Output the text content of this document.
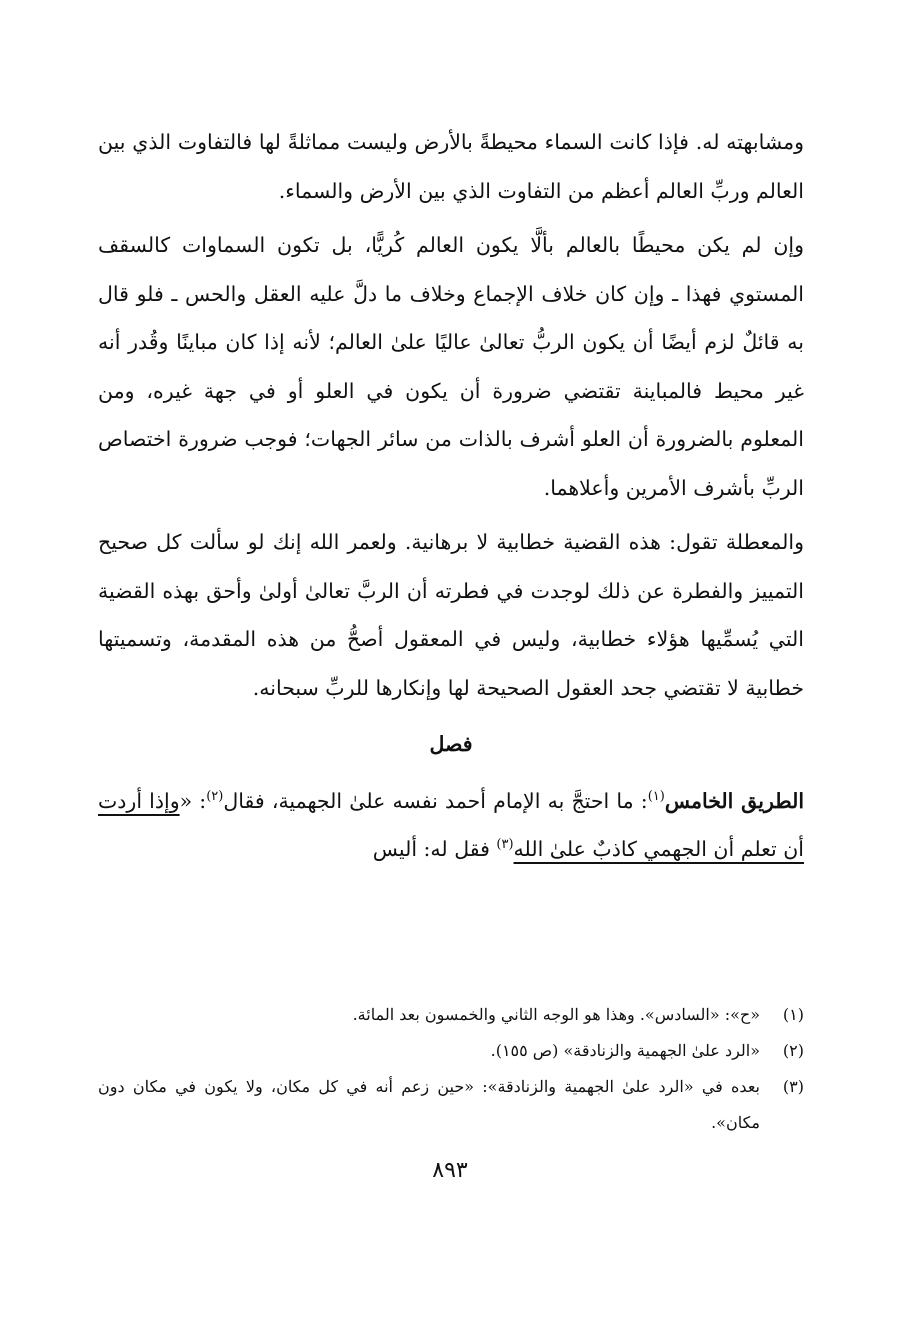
ومشابهته له. فإذا كانت السماء محيطةً بالأرض وليست مماثلةً لها فالتفاوت الذي بين العالم وربِّ العالم أعظم من التفاوت الذي بين الأرض والسماء.

وإن لم يكن محيطًا بالعالم بألَّا يكون العالم كُريًّا، بل تكون السماوات كالسقف المستوي فهذا ـ وإن كان خلاف الإجماع وخلاف ما دلَّ عليه العقل والحس ـ فلو قال به قائلٌ لزم أيضًا أن يكون الربُّ تعالىٰ عاليًا علىٰ العالم؛ لأنه إذا كان مباينًا وقُدر أنه غير محيط فالمباينة تقتضي ضرورة أن يكون في العلو أو في جهة غيره، ومن المعلوم بالضرورة أن العلو أشرف بالذات من سائر الجهات؛ فوجب ضرورة اختصاص الربِّ بأشرف الأمرين وأعلاهما.

والمعطلة تقول: هذه القضية خطابية لا برهانية. ولعمر الله إنك لو سألت كل صحيح التمييز والفطرة عن ذلك لوجدت في فطرته أن الربَّ تعالىٰ أولىٰ وأحق بهذه القضية التي يُسمِّيها هؤلاء خطابية، وليس في المعقول أصحُّ من هذه المقدمة، وتسميتها خطابية لا تقتضي جحد العقول الصحيحة لها وإنكارها للربِّ سبحانه.

فصل

الطريق الخامس$^{(١)}$: ما احتجَّ به الإمام أحمد نفسه علىٰ الجهمية، فقال$^{(٢)}$: «وإذا أردت أن تعلم أن الجهمي كاذبٌ علىٰ الله$^{(٣)}$ فقل له: أليس

(١)
«ح»: «السادس». وهذا هو الوجه الثاني والخمسون بعد المائة.
(٢)
«الرد علىٰ الجهمية والزنادقة» (ص ١٥٥).
(٣)
بعده في «الرد علىٰ الجهمية والزنادقة»: «حين زعم أنه في كل مكان، ولا يكون في مكان دون مكان».
٨٩٣
